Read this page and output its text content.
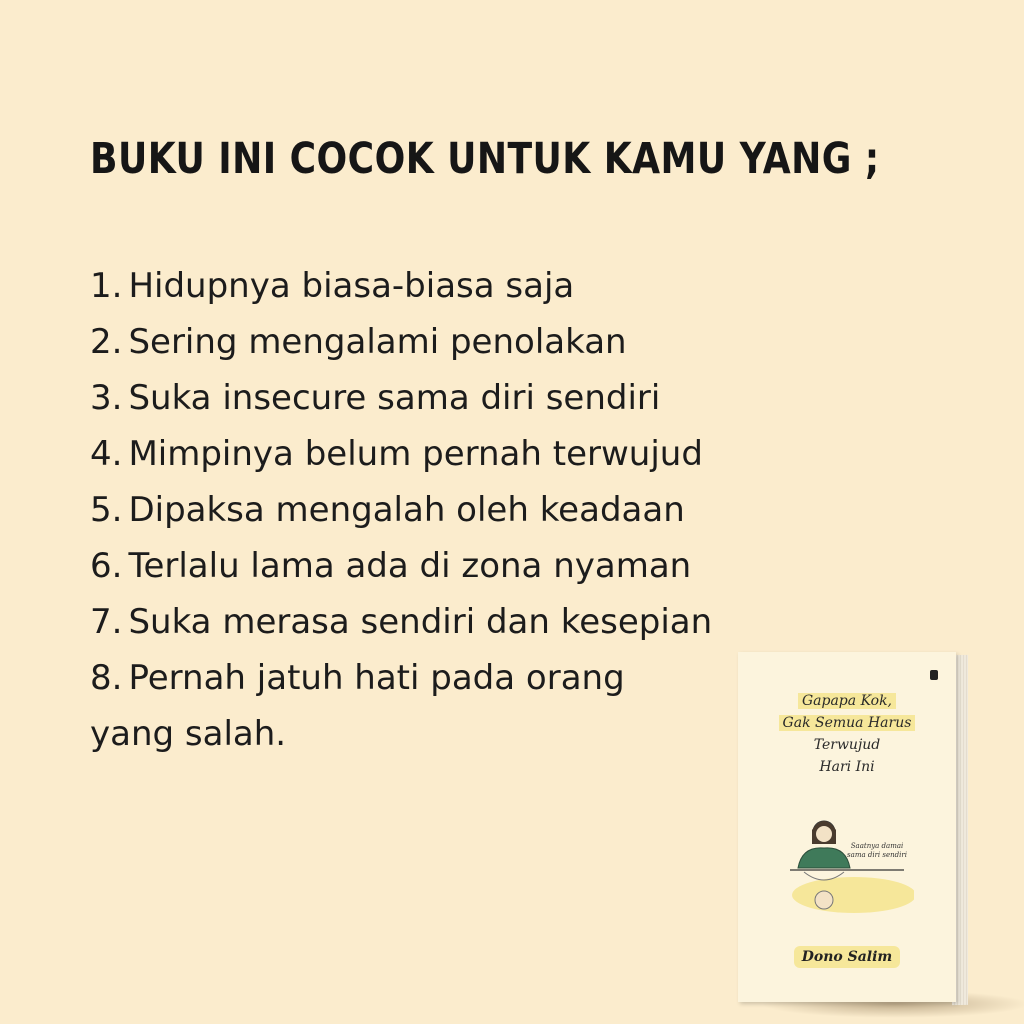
BUKU INI COCOK UNTUK KAMU YANG ;
1. Hidupnya biasa-biasa saja
2. Sering mengalami penolakan
3. Suka insecure sama diri sendiri
4. Mimpinya belum pernah terwujud
5. Dipaksa mengalah oleh keadaan
6. Terlalu lama ada di zona nyaman
7. Suka merasa sendiri dan kesepian
8. Pernah jatuh hati pada orang yang salah.
Gapapa Kok,
Gak Semua Harus
Terwujud
Hari Ini
Saatnya damai sama diri sendiri
Dono Salim
